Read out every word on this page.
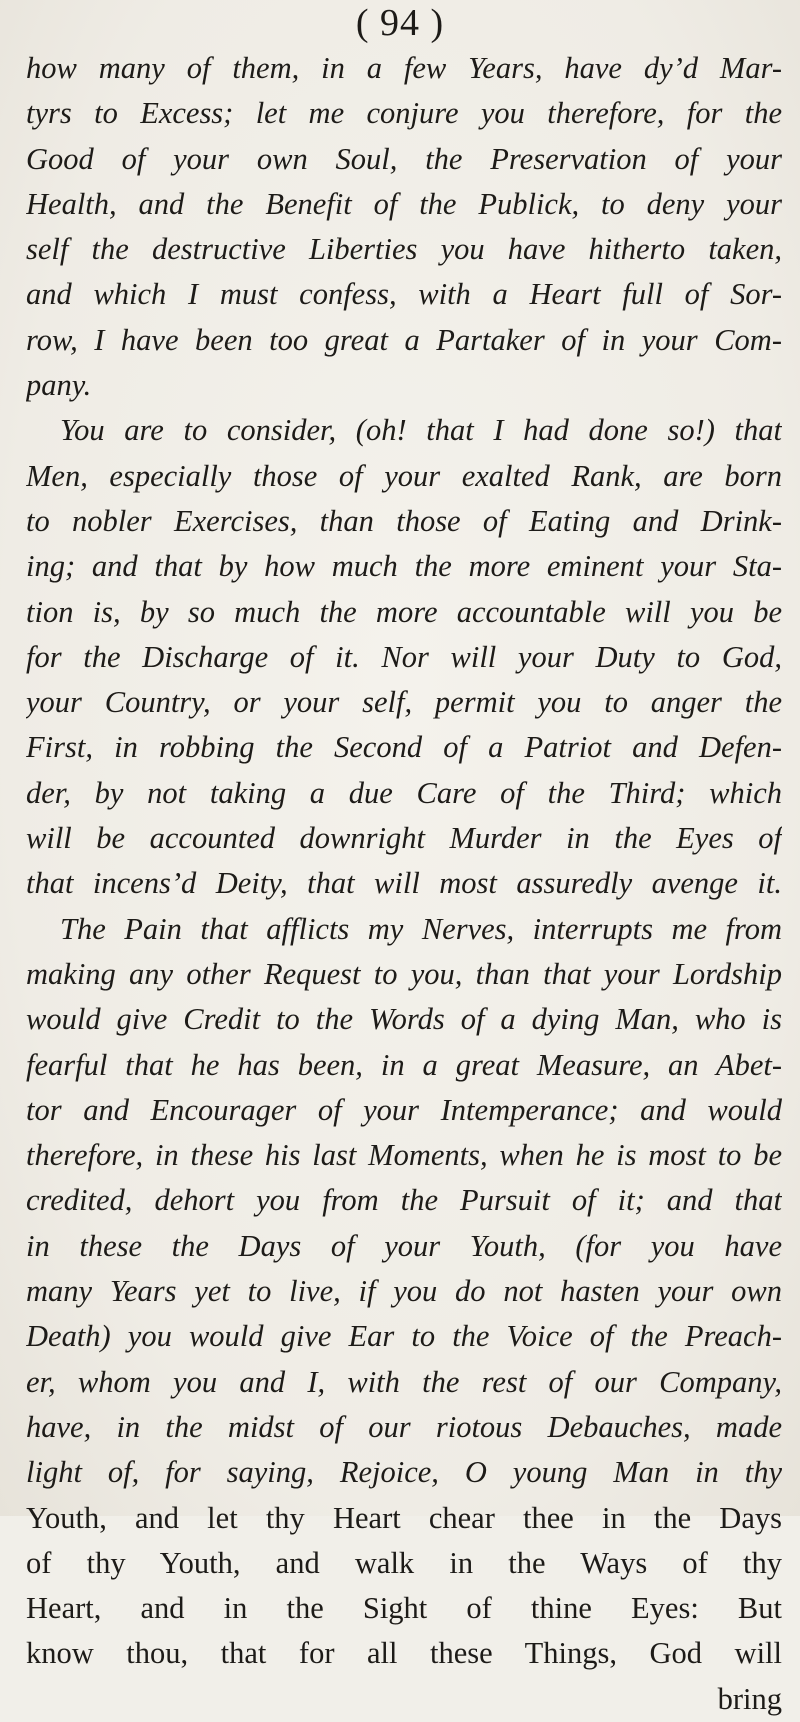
( 94 )
how many of them, in a few Years, have dy’d Mar-
tyrs to Excess; let me conjure you therefore, for the
Good of your own Soul, the Preservation of your
Health, and the Benefit of the Publick, to deny your
self the destructive Liberties you have hitherto taken,
and which I must confess, with a Heart full of Sor-
row, I have been too great a Partaker of in your Com-
pany.
You are to consider, (oh! that I had done so!) that
Men, especially those of your exalted Rank, are born
to nobler Exercises, than those of Eating and Drink-
ing; and that by how much the more eminent your Sta-
tion is, by so much the more accountable will you be
for the Discharge of it. Nor will your Duty to God,
your Country, or your self, permit you to anger the
First, in robbing the Second of a Patriot and Defen-
der, by not taking a due Care of the Third; which
will be accounted downright Murder in the Eyes of
that incens’d Deity, that will most assuredly avenge it.
The Pain that afflicts my Nerves, interrupts me from
making any other Request to you, than that your Lordship
would give Credit to the Words of a dying Man, who is
fearful that he has been, in a great Measure, an Abet-
tor and Encourager of your Intemperance; and would
therefore, in these his last Moments, when he is most to be
credited, dehort you from the Pursuit of it; and that
in these the Days of your Youth, (for you have
many Years yet to live, if you do not hasten your own
Death) you would give Ear to the Voice of the Preach-
er, whom you and I, with the rest of our Company,
have, in the midst of our riotous Debauches, made
light of, for saying, Rejoice, O young Man in thy
Youth, and let thy Heart chear thee in the Days
of thy Youth, and walk in the Ways of thy
Heart, and in the Sight of thine Eyes: But
know thou, that for all these Things, God will
bring
